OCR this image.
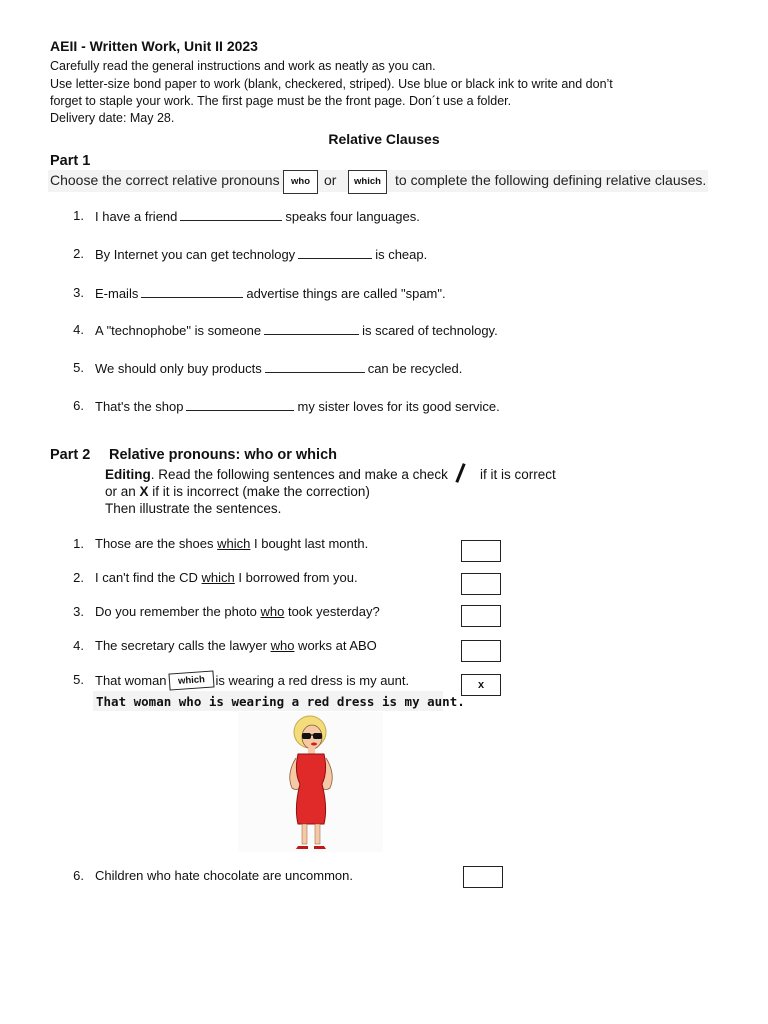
AEII - Written Work, Unit II 2023
Carefully read the general instructions and work as neatly as you can.
Use letter-size bond paper to work (blank, checkered, striped). Use blue or black ink to write and don’t
forget to staple your work. The first page must be the front page. Don´t use a folder.
Delivery date: May 28.
Relative Clauses
Part 1
Choose the correct relative pronouns	who	or	which	to complete the following defining relative clauses.
1. I have a friend	speaks four languages.
2. By Internet you can get technology	is cheap.
3. E-mails	advertise things are called "spam".
4. A "technophobe" is someone	is scared of technology.
5. We should only buy products	can be recycled.
6. That's the shop	my sister loves for its good service.
Part 2 Relative pronouns: who or which
Editing. Read the following sentences and make a check if it is correct
or an X if it is incorrect (make the correction)
Then illustrate the sentences.
1. Those are the shoes which I bought last month.
2. I can't find the CD which I borrowed from you.
3. Do you remember the photo who took yesterday?
4. The secretary calls the lawyer who works at ABO
5. That woman which is wearing a red dress is my aunt.	x
6. Children who hate chocolate are uncommon.
That woman who is wearing a red dress is my aunt.
